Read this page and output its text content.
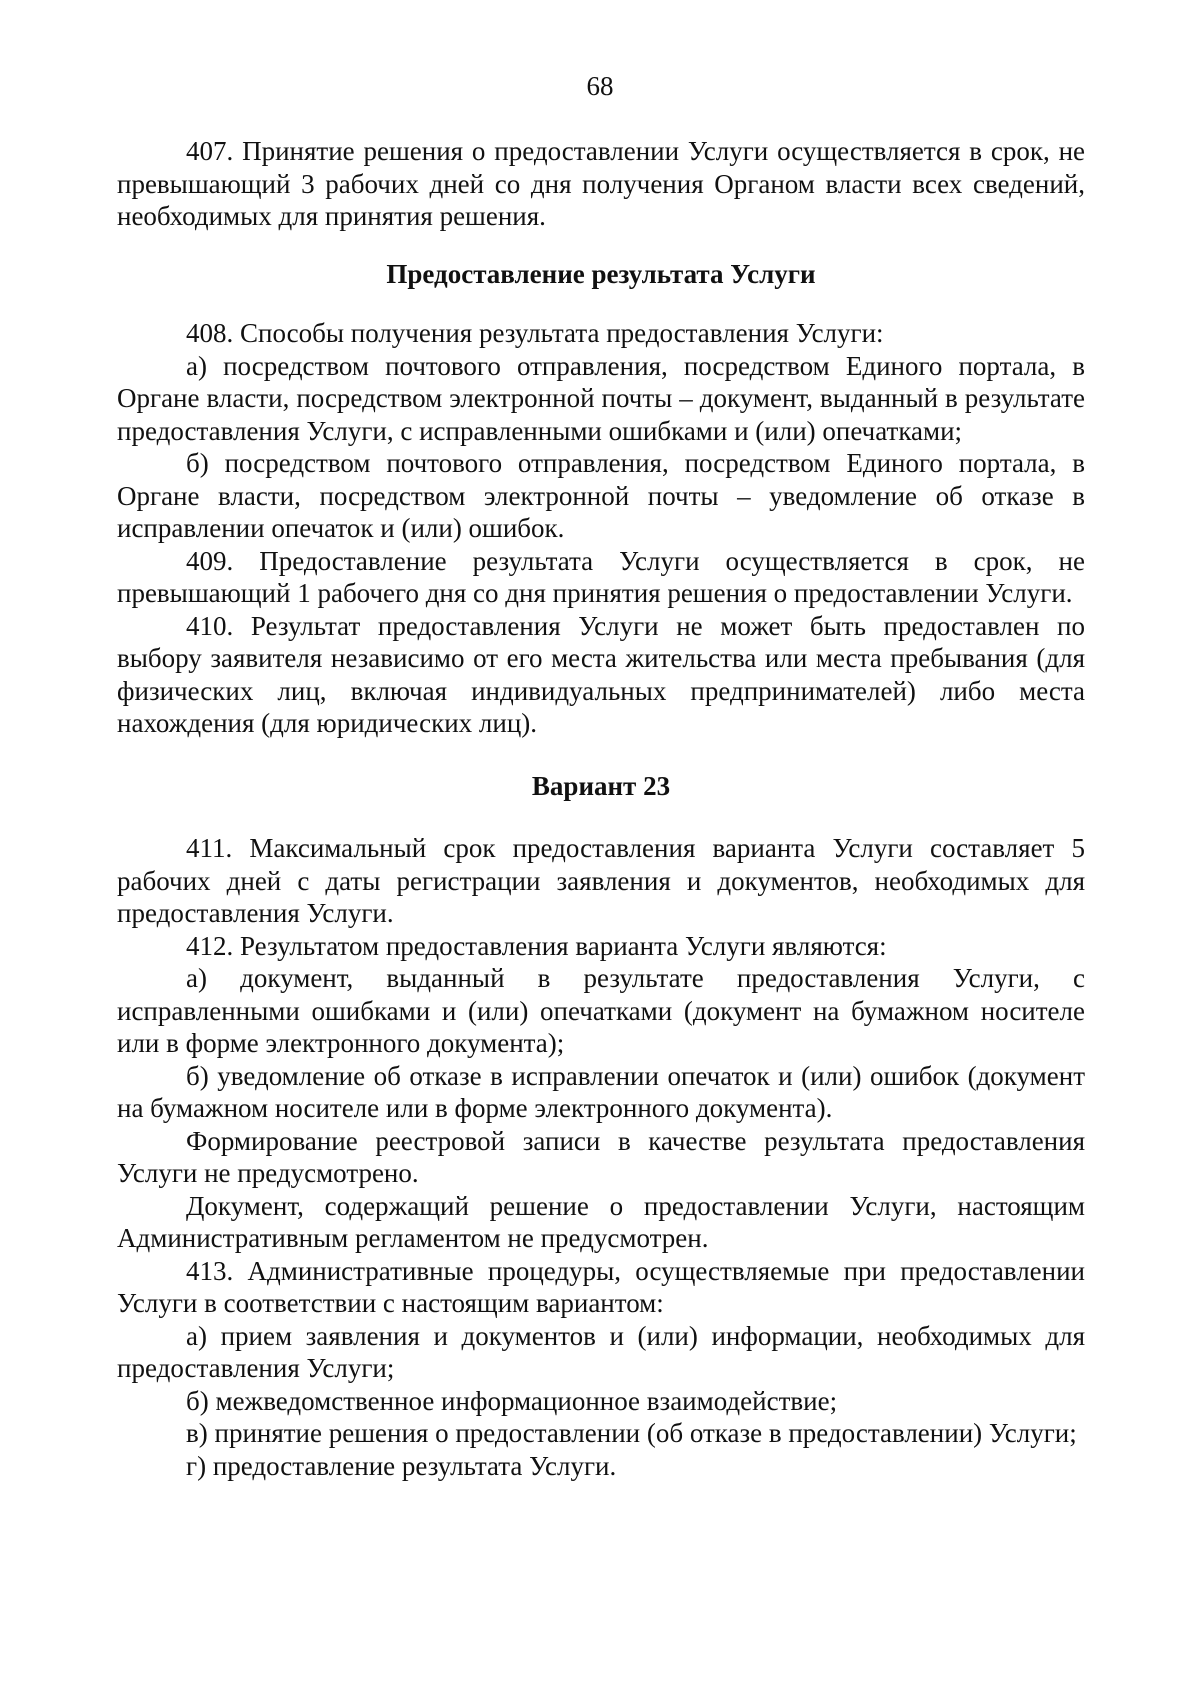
68

407. Принятие решения о предоставлении Услуги осуществляется в срок, не превышающий 3 рабочих дней со дня получения Органом власти всех сведений, необходимых для принятия решения.

Предоставление результата Услуги

408. Способы получения результата предоставления Услуги:

а) посредством почтового отправления, посредством Единого портала, в Органе власти, посредством электронной почты – документ, выданный в результате предоставления Услуги, с исправленными ошибками и (или) опечатками;

б) посредством почтового отправления, посредством Единого портала, в Органе власти, посредством электронной почты – уведомление об отказе в исправлении опечаток и (или) ошибок.

409. Предоставление результата Услуги осуществляется в срок, не превышающий 1 рабочего дня со дня принятия решения о предоставлении Услуги.

410. Результат предоставления Услуги не может быть предоставлен по выбору заявителя независимо от его места жительства или места пребывания (для физических лиц, включая индивидуальных предпринимателей) либо места нахождения (для юридических лиц).

Вариант 23

411. Максимальный срок предоставления варианта Услуги составляет 5 рабочих дней с даты регистрации заявления и документов, необходимых для предоставления Услуги.

412. Результатом предоставления варианта Услуги являются:

а) документ, выданный в результате предоставления Услуги, с исправленными ошибками и (или) опечатками (документ на бумажном носителе или в форме электронного документа);

б) уведомление об отказе в исправлении опечаток и (или) ошибок (документ на бумажном носителе или в форме электронного документа).

Формирование реестровой записи в качестве результата предоставления Услуги не предусмотрено.

Документ, содержащий решение о предоставлении Услуги, настоящим Административным регламентом не предусмотрен.

413. Административные процедуры, осуществляемые при предоставлении Услуги в соответствии с настоящим вариантом:

а) прием заявления и документов и (или) информации, необходимых для предоставления Услуги;

б) межведомственное информационное взаимодействие;

в) принятие решения о предоставлении (об отказе в предоставлении) Услуги;

г) предоставление результата Услуги.
